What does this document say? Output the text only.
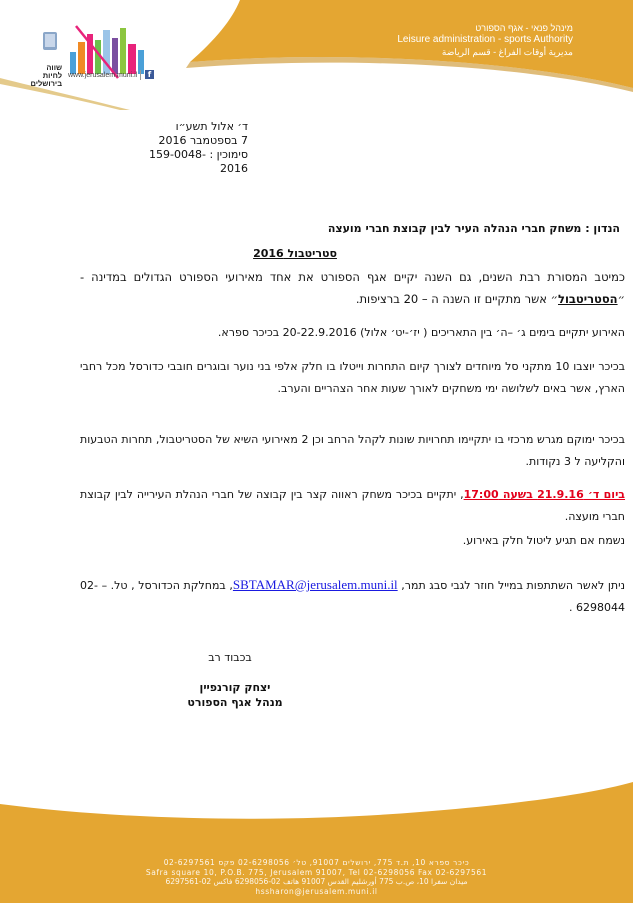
שווה לחיות
בירושלים
www.jerusalem.muni.il	f
מינהל פנאי - אגף הספורט
Leisure administration - sports Authority
مديرية أوقات الفراغ - قسم الرياضة
ד׳ אלול תשע״ו
7 בספטמבר 2016
סימוכין : 159-0048-2016
הנדון : משחק חברי הנהלה העיר לבין קבוצת חברי מועצה
סטריטבול 2016
כמיטב המסורת רבת השנים, גם השנה יקיים אגף הספורט את אחד מאירועי הספורט הגדולים במדינה - ״הסטריטבול״ אשר מתקיים זו השנה ה – 20 ברציפות.
האירוע יתקיים בימים ג׳ –ה׳ בין התאריכים ( יז׳-יט׳ אלול) 20-22.9.2016 בכיכר ספרא.
בכיכר יוצבו 10 מתקני סל מיוחדים לצורך קיום התחרות וייטלו בו חלק אלפי בני נוער ובוגרים חובבי כדורסל מכל רחבי הארץ, אשר באים לשלושה ימי משחקים לאורך שעות אחר הצהריים והערב.
בכיכר ימוקם מגרש מרכזי בו יתקיימו תחרויות שונות לקהל הרחב וכן 2 מאירועי השיא של הסטריטבול, תחרות הטבעות והקליעה ל 3 נקודות.
ביום ד׳ 21.9.16 בשעה 17:00, יתקיים בכיכר משחק ראווה קצר בין קבוצה של חברי הנהלת העירייה לבין קבוצת חברי מועצה.
נשמח אם תגיע ליטול חלק באירוע.
ניתן לאשר השתתפות במייל חוזר לגבי סבג תמר, SBTAMAR@jerusalem.muni.il, במחלקת הכדורסל , טל. – 02-6298044 .
בכבוד רב
יצחק קורנפיין
מנהל אגף הספורט
כיכר ספרא 10, ת.ד 775, ירושלים 91007, טל׳ 02-6298056 פקס 02-6297561
Safra square 10, P.O.B. 775, Jerusalem 91007, Tel 02-6298056 Fax 02-6297561
ميدان سفرا 10، ص.ب 775 أورشليم القدس 91007 هاتف 02-6298056 فاكس 02-6297561
hssharon@jerusalem.muni.il
